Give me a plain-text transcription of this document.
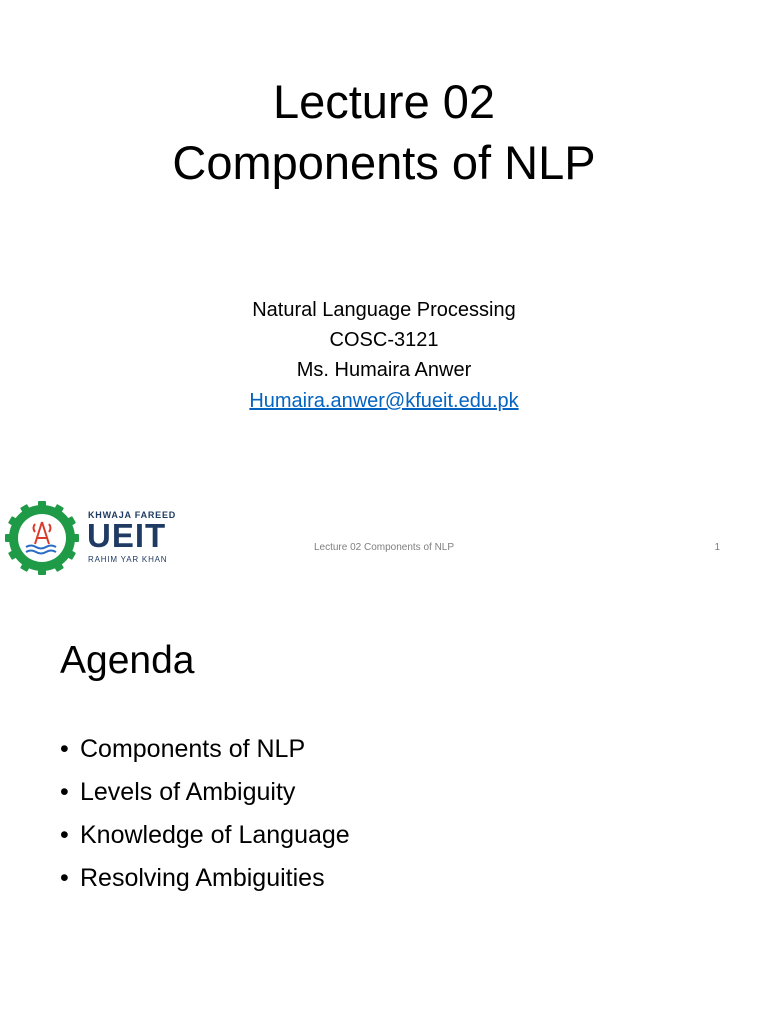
Lecture 02
Components of NLP
Natural Language Processing
COSC-3121
Ms. Humaira Anwer
Humaira.anwer@kfueit.edu.pk
KHWAJA FAREED
UEIT
RAHIM YAR KHAN
Lecture 02 Components of NLP	1
Agenda
• Components of NLP
• Levels of Ambiguity
• Knowledge of Language
• Resolving Ambiguities
